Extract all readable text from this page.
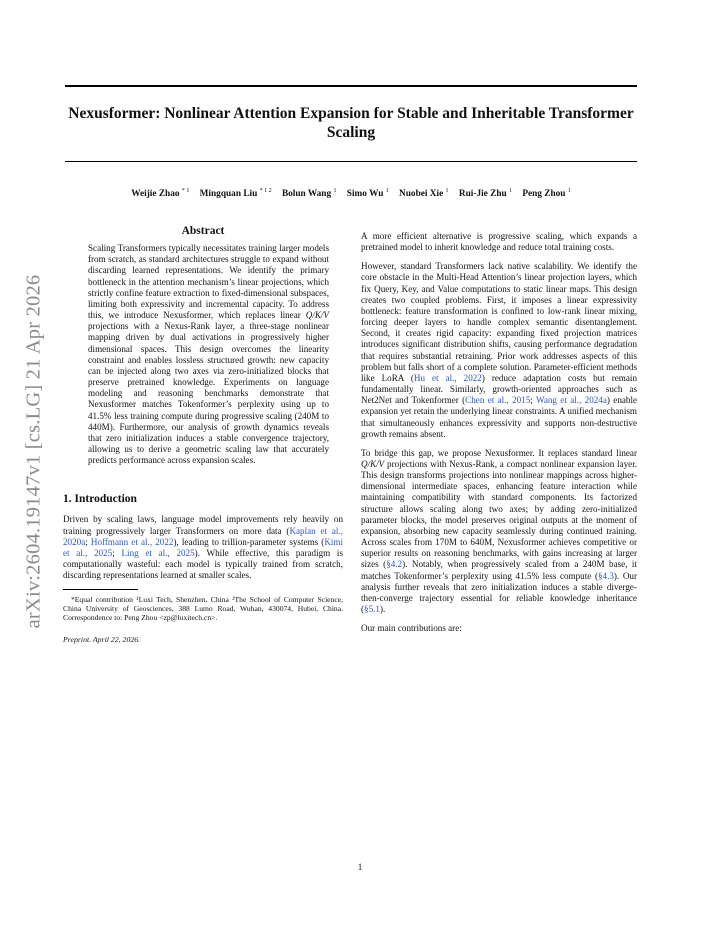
arXiv:2604.19147v1 [cs.LG] 21 Apr 2026
Nexusformer: Nonlinear Attention Expansion for Stable and Inheritable Transformer Scaling
Weijie Zhao $^{* 1}$ Mingquan Liu $^{* 1 2}$ Bolun Wang $^1$ Simo Wu $^1$ Nuobei Xie $^1$ Rui-Jie Zhu $^1$ Peng Zhou $^1$
Abstract
Scaling Transformers typically necessitates training larger models from scratch, as standard architectures struggle to expand without discarding learned representations. We identify the primary bottleneck in the attention mechanism’s linear projections, which strictly confine feature extraction to fixed-dimensional subspaces, limiting both expressivity and incremental capacity. To address this, we introduce Nexusformer, which replaces linear Q/K/V projections with a Nexus-Rank layer, a three-stage nonlinear mapping driven by dual activations in progressively higher dimensional spaces. This design overcomes the linearity constraint and enables lossless structured growth: new capacity can be injected along two axes via zero-initialized blocks that preserve pretrained knowledge. Experiments on language modeling and reasoning benchmarks demonstrate that Nexusformer matches Tokenformer’s perplexity using up to 41.5% less training compute during progressive scaling (240M to 440M). Furthermore, our analysis of growth dynamics reveals that zero initialization induces a stable convergence trajectory, allowing us to derive a geometric scaling law that accurately predicts performance across expansion scales.
1. Introduction
Driven by scaling laws, language model improvements rely heavily on training progressively larger Transformers on more data (Kaplan et al., 2020a; Hoffmann et al., 2022), leading to trillion-parameter systems (Kimi et al., 2025; Ling et al., 2025). While effective, this paradigm is computationally wasteful: each model is typically trained from scratch, discarding representations learned at smaller scales.
*Equal contribution ¹Luxi Tech, Shenzhen, China ²The School of Computer Science, China University of Geosciences, 388 Lumo Road, Wuhan, 430074, Hubei, China. Correspondence to: Peng Zhou <zp@luxitech.cn>.
Preprint. April 22, 2026.
A more efficient alternative is progressive scaling, which expands a pretrained model to inherit knowledge and reduce total training costs.
However, standard Transformers lack native scalability. We identify the core obstacle in the Multi-Head Attention’s linear projection layers, which fix Query, Key, and Value computations to static linear maps. This design creates two coupled problems. First, it imposes a linear expressivity bottleneck: feature transformation is confined to low-rank linear mixing, forcing deeper layers to handle complex semantic disentanglement. Second, it creates rigid capacity: expanding fixed projection matrices introduces significant distribution shifts, causing performance degradation that requires substantial retraining. Prior work addresses aspects of this problem but falls short of a complete solution. Parameter-efficient methods like LoRA (Hu et al., 2022) reduce adaptation costs but remain fundamentally linear. Similarly, growth-oriented approaches such as Net2Net and Tokenformer (Chen et al., 2015; Wang et al., 2024a) enable expansion yet retain the underlying linear constraints. A unified mechanism that simultaneously enhances expressivity and supports non-destructive growth remains absent.
To bridge this gap, we propose Nexusformer. It replaces standard linear Q/K/V projections with Nexus-Rank, a compact nonlinear expansion layer. This design transforms projections into nonlinear mappings across higher-dimensional intermediate spaces, enhancing feature interaction while maintaining compatibility with standard components. Its factorized structure allows scaling along two axes; by adding zero-initialized parameter blocks, the model preserves original outputs at the moment of expansion, absorbing new capacity seamlessly during continued training. Across scales from 170M to 640M, Nexusformer achieves competitive or superior results on reasoning benchmarks, with gains increasing at larger sizes (§4.2). Notably, when progressively scaled from a 240M base, it matches Tokenformer’s perplexity using 41.5% less compute (§4.3). Our analysis further reveals that zero initialization induces a stable diverge-then-converge trajectory essential for reliable knowledge inheritance (§5.1).
Our main contributions are:
1
